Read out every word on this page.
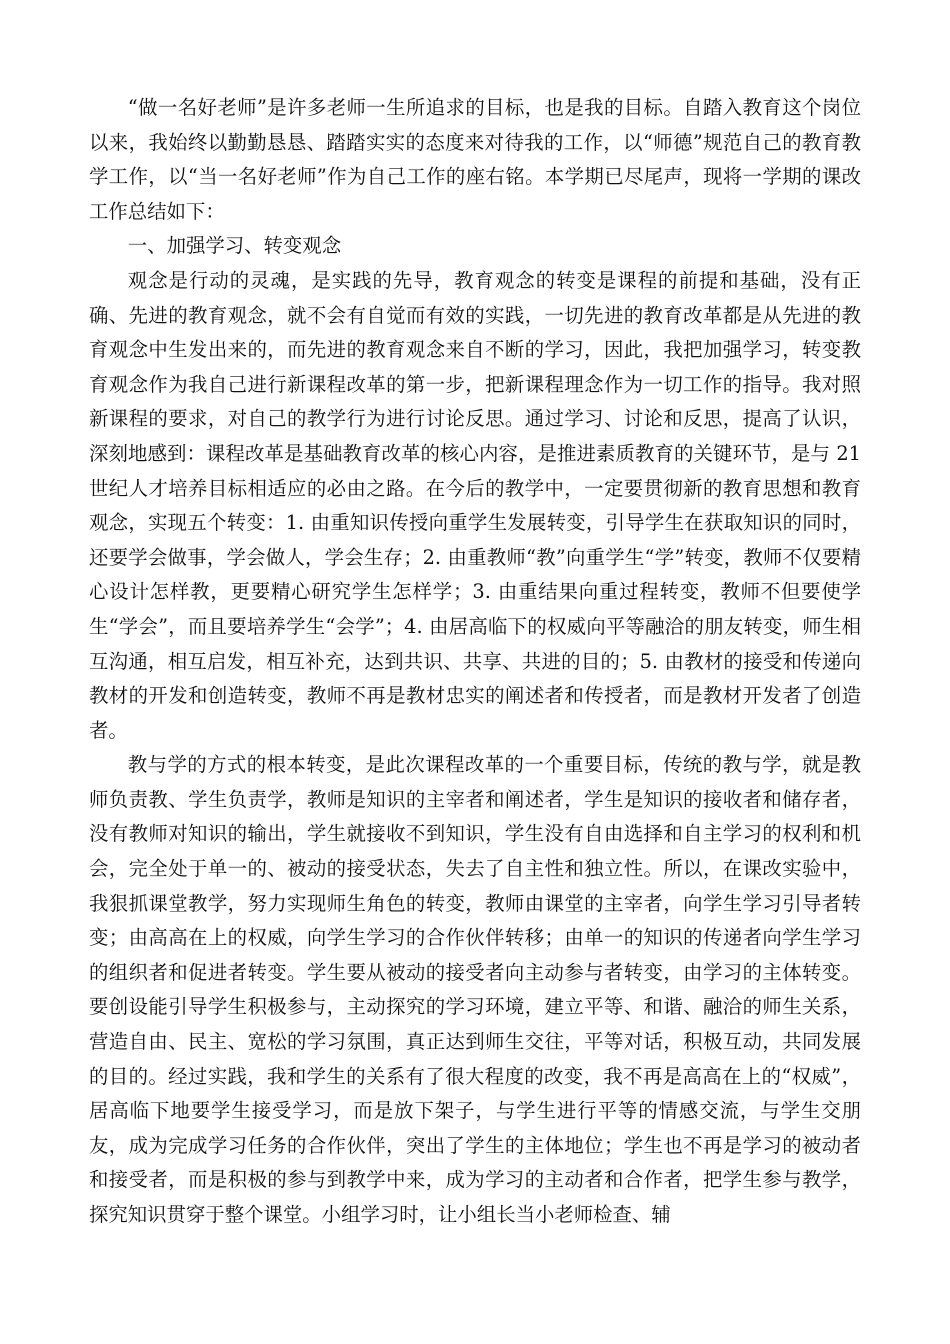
“做一名好老师”是许多老师一生所追求的目标，也是我的目标。自踏入教育这个岗位以来，我始终以勤勤恳恳、踏踏实实的态度来对待我的工作，以“师德”规范自己的教育教学工作，以“当一名好老师”作为自己工作的座右铭。本学期已尽尾声，现将一学期的课改工作总结如下：

一、加强学习、转变观念

观念是行动的灵魂，是实践的先导，教育观念的转变是课程的前提和基础，没有正确、先进的教育观念，就不会有自觉而有效的实践，一切先进的教育改革都是从先进的教育观念中生发出来的，而先进的教育观念来自不断的学习，因此，我把加强学习，转变教育观念作为我自己进行新课程改革的第一步，把新课程理念作为一切工作的指导。我对照新课程的要求，对自己的教学行为进行讨论反思。通过学习、讨论和反思，提高了认识，深刻地感到：课程改革是基础教育改革的核心内容，是推进素质教育的关键环节，是与 21 世纪人才培养目标相适应的必由之路。在今后的教学中，一定要贯彻新的教育思想和教育观念，实现五个转变：1. 由重知识传授向重学生发展转变，引导学生在获取知识的同时，还要学会做事，学会做人，学会生存；2. 由重教师“教”向重学生“学”转变，教师不仅要精心设计怎样教，更要精心研究学生怎样学；3. 由重结果向重过程转变，教师不但要使学生“学会”，而且要培养学生“会学”；4. 由居高临下的权威向平等融洽的朋友转变，师生相互沟通，相互启发，相互补充，达到共识、共享、共进的目的；5. 由教材的接受和传递向教材的开发和创造转变，教师不再是教材忠实的阐述者和传授者，而是教材开发者了创造者。

教与学的方式的根本转变，是此次课程改革的一个重要目标，传统的教与学，就是教师负责教、学生负责学，教师是知识的主宰者和阐述者，学生是知识的接收者和储存者，没有教师对知识的输出，学生就接收不到知识，学生没有自由选择和自主学习的权利和机会，完全处于单一的、被动的接受状态，失去了自主性和独立性。所以，在课改实验中，我狠抓课堂教学，努力实现师生角色的转变，教师由课堂的主宰者，向学生学习引导者转变；由高高在上的权威，向学生学习的合作伙伴转移；由单一的知识的传递者向学生学习的组织者和促进者转变。学生要从被动的接受者向主动参与者转变，由学习的主体转变。要创设能引导学生积极参与，主动探究的学习环境，建立平等、和谐、融洽的师生关系，营造自由、民主、宽松的学习氛围，真正达到师生交往，平等对话，积极互动，共同发展的目的。经过实践，我和学生的关系有了很大程度的改变，我不再是高高在上的“权威”，居高临下地要学生接受学习，而是放下架子，与学生进行平等的情感交流，与学生交朋友，成为完成学习任务的合作伙伴，突出了学生的主体地位；学生也不再是学习的被动者和接受者，而是积极的参与到教学中来，成为学习的主动者和合作者，把学生参与教学，探究知识贯穿于整个课堂。小组学习时，让小组长当小老师检查、辅
